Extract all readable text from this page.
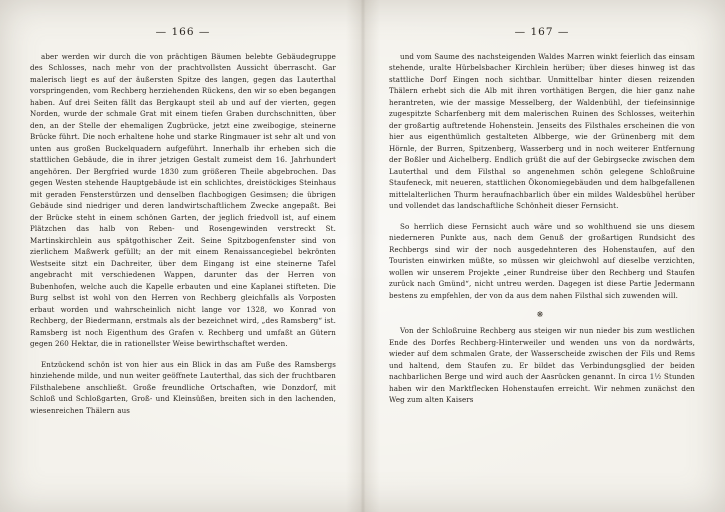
— 166 —

aber werden wir durch die von prächtigen Bäumen belebte Gebäudegruppe des Schlosses, nach mehr von der prachtvollsten Aussicht überrascht. Gar malerisch liegt es auf der äußersten Spitze des langen, gegen das Lauterthal vorspringenden, vom Rechberg herziehenden Rückens, den wir so eben begangen haben. Auf drei Seiten fällt das Bergkaupt steil ab und auf der vierten, gegen Norden, wurde der schmale Grat mit einem tiefen Graben durchschnitten, über den, an der Stelle der ehemaligen Zugbrücke, jetzt eine zweibogige, steinerne Brücke führt. Die noch erhaltene hohe und starke Ringmauer ist sehr alt und von unten aus großen Buckelquadern aufgeführt. Innerhalb ihr erheben sich die stattlichen Gebäude, die in ihrer jetzigen Gestalt zumeist dem 16. Jahrhundert angehören. Der Bergfried wurde 1830 zum größeren Theile abgebrochen. Das gegen Westen stehende Hauptgebäude ist ein schlichtes, dreistöckiges Steinhaus mit geraden Fensterstürzen und denselben flachbogigen Gesimsen; die übrigen Gebäude sind niedriger und deren landwirtschaftlichem Zwecke angepaßt. Bei der Brücke steht in einem schönen Garten, der jeglich friedvoll ist, auf einem Plätzchen das halb von Reben- und Rosengewinden verstreckt St. Martinskirchlein aus spätgothischer Zeit. Seine Spitzbogenfenster sind von zierlichem Maßwerk gefüllt; an der mit einem Renaissancegiebel bekrönten Westseite sitzt ein Dachreiter, über dem Eingang ist eine steinerne Tafel angebracht mit verschiedenen Wappen, darunter das der Herren von Bubenhofen, welche auch die Kapelle erbauten und eine Kaplanei stifteten. Die Burg selbst ist wohl von den Herren von Rechberg gleichfalls als Vorposten erbaut worden und wahrscheinlich nicht lange vor 1328, wo Konrad von Rechberg, der Biedermann, erstmals als der bezeichnet wird, „des Ramsberg“ ist. Ramsberg ist noch Eigenthum des Grafen v. Rechberg und umfaßt an Gütern gegen 260 Hektar, die in rationellster Weise bewirthschaftet werden.

Entzückend schön ist von hier aus ein Blick in das am Fuße des Ramsbergs hinziehende milde, und nun weiter geöffnete Lauterthal, das sich der fruchtbaren Filsthalebene anschließt. Große freundliche Ortschaften, wie Donzdorf, mit Schloß und Schloßgarten, Groß- und Kleinsüßen, breiten sich in den lachenden, wiesenreichen Thälern aus

— 167 —

und vom Saume des nachsteigenden Waldes Marren winkt feierlich das einsam stehende, uralte Hürbelsbacher Kirchlein herüber; über dieses hinweg ist das stattliche Dorf Eingen noch sichtbar. Unmittelbar hinter diesen reizenden Thälern erhebt sich die Alb mit ihren vorthätigen Bergen, die hier ganz nahe herantreten, wie der massige Messelberg, der Waldenbühl, der tiefeinsinnige zugespitzte Scharfenberg mit dem malerischen Ruinen des Schlosses, weiterhin der großartig auftretende Hohenstein. Jenseits des Filsthales erscheinen die von hier aus eigenthümlich gestalteten Albberge, wie der Grünenberg mit dem Hörnle, der Burren, Spitzenberg, Wasserberg und in noch weiterer Entfernung der Boßler und Aichelberg. Endlich grüßt die auf der Gebirgsecke zwischen dem Lauterthal und dem Filsthal so angenehmen schön gelegene Schloßruine Staufeneck, mit neueren, stattlichen Ökonomiegebäuden und dem halbgefallenen mittelalterlichen Thurm heraufnachbarlich über ein mildes Waldesbühel herüber und vollendet das landschaftliche Schönheit dieser Fernsicht.

So herrlich diese Fernsicht auch wäre und so wohlthuend sie uns diesem niederneren Punkte aus, nach dem Genuß der großartigen Rundsicht des Rechbergs sind wir der noch ausgedehnteren des Hohenstaufen, auf den Touristen einwirken müßte, so müssen wir gleichwohl auf dieselbe verzichten, wollen wir unserem Projekte „einer Rundreise über den Rechberg und Staufen zurück nach Gmünd“, nicht untreu werden. Dagegen ist diese Partie Jedermann bestens zu empfehlen, der von da aus dem nahen Filsthal sich zuwenden will.

❋

Von der Schloßruine Rechberg aus steigen wir nun nieder bis zum westlichen Ende des Dorfes Rechberg-Hinterweiler und wenden uns von da nordwärts, wieder auf dem schmalen Grate, der Wasserscheide zwischen der Fils und Rems und haltend, dem Staufen zu. Er bildet das Verbindungsglied der beiden nachbarlichen Berge und wird auch der Aasrücken genannt. In circa 1½ Stunden haben wir den Marktflecken Hohenstaufen erreicht. Wir nehmen zunächst den Weg zum alten Kaisers
